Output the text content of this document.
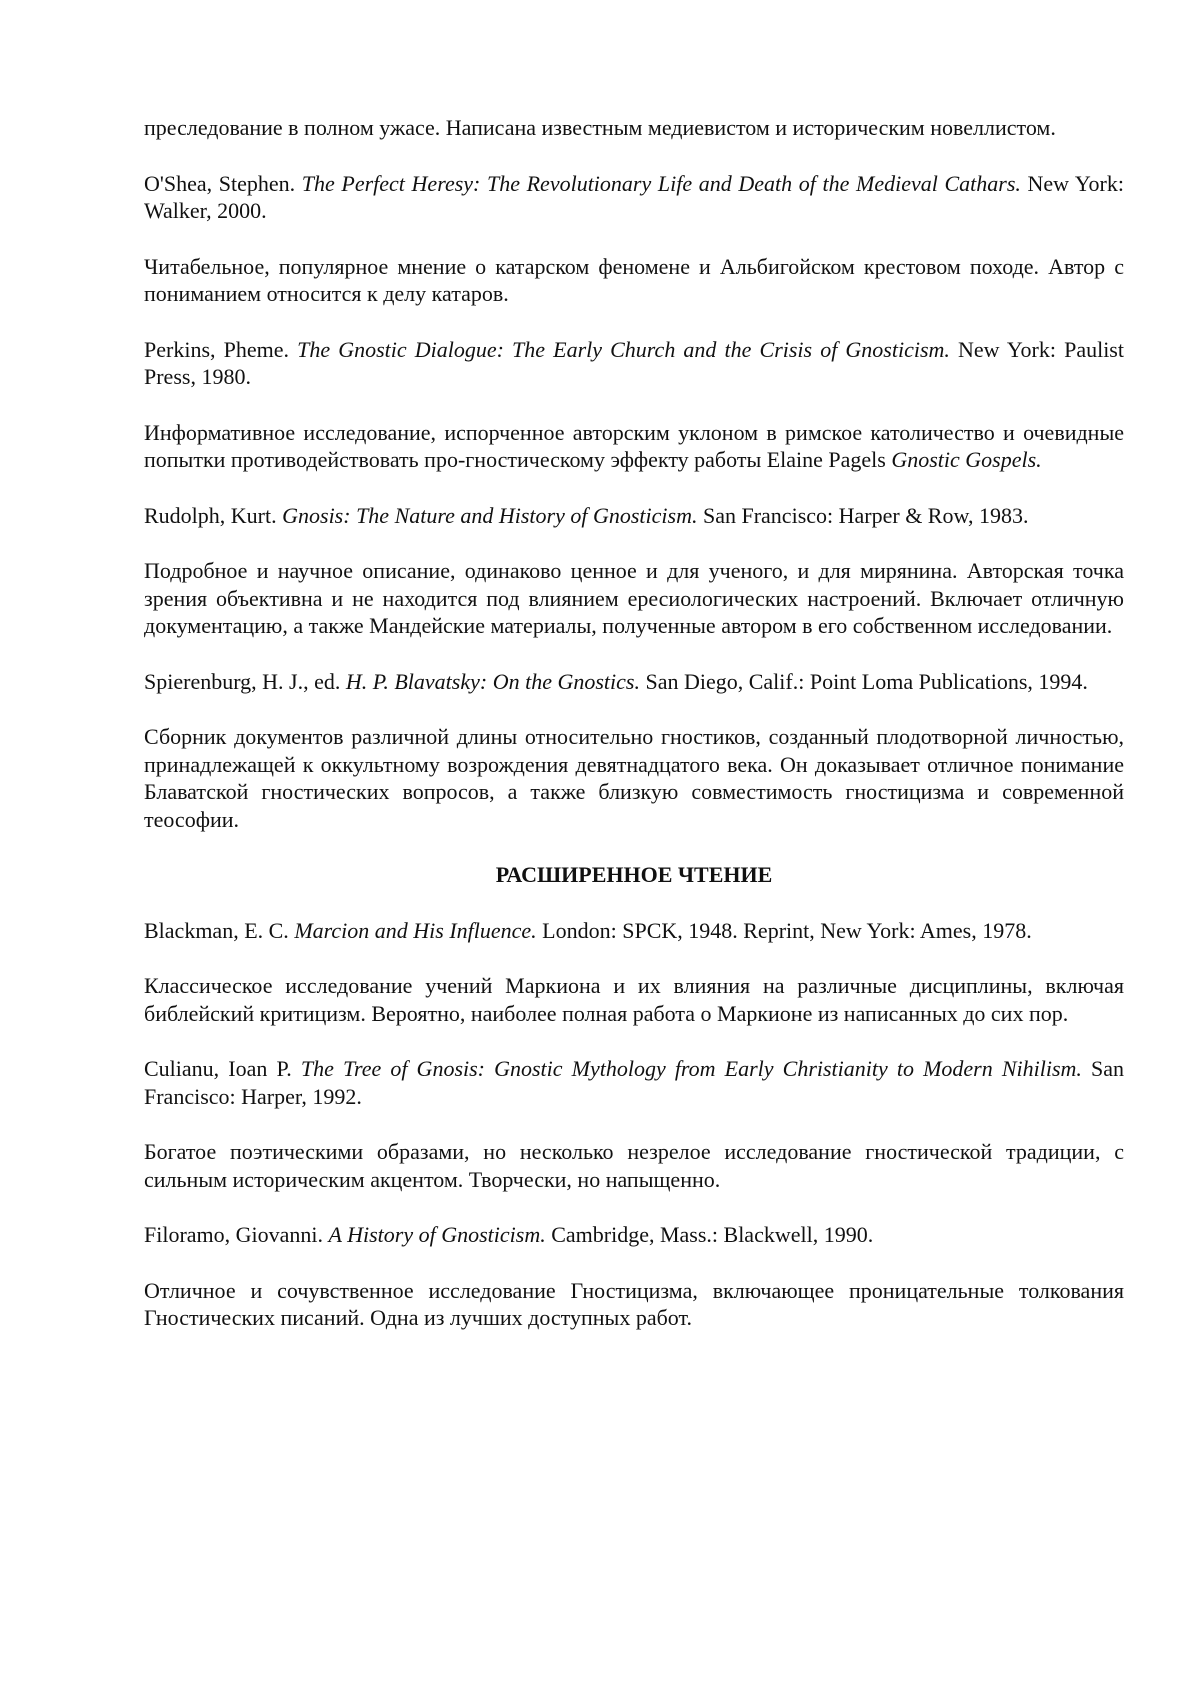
преследование в полном ужасе. Написана известным медиевистом и историческим новеллистом.

O'Shea, Stephen. The Perfect Heresy: The Revolutionary Life and Death of the Medieval Cathars. New York: Walker, 2000.

Читабельное, популярное мнение о катарском феномене и Альбигойском крестовом походе. Автор с пониманием относится к делу катаров.

Perkins, Pheme. The Gnostic Dialogue: The Early Church and the Crisis of Gnosticism. New York: Paulist Press, 1980.

Информативное исследование, испорченное авторским уклоном в римское католичество и очевидные попытки противодействовать про-гностическому эффекту работы Elaine Pagels Gnostic Gospels.

Rudolph, Kurt. Gnosis: The Nature and History of Gnosticism. San Francisco: Harper & Row, 1983.

Подробное и научное описание, одинаково ценное и для ученого, и для мирянина. Авторская точка зрения объективна и не находится под влиянием ересиологических настроений. Включает отличную документацию, а также Мандейские материалы, полученные автором в его собственном исследовании.

Spierenburg, H. J., ed. H. P. Blavatsky: On the Gnostics. San Diego, Calif.: Point Loma Publications, 1994.

Сборник документов различной длины относительно гностиков, созданный плодотворной личностью, принадлежащей к оккультному возрождения девятнадцатого века. Он доказывает отличное понимание Блаватской гностических вопросов, а также близкую совместимость гностицизма и современной теософии.

РАСШИРЕННОЕ ЧТЕНИЕ

Blackman, E. C. Marcion and His Influence. London: SPCK, 1948. Reprint, New York: Ames, 1978.

Классическое исследование учений Маркиона и их влияния на различные дисциплины, включая библейский критицизм. Вероятно, наиболее полная работа о Маркионе из написанных до сих пор.

Culianu, Ioan P. The Tree of Gnosis: Gnostic Mythology from Early Christianity to Modern Nihilism. San Francisco: Harper, 1992.

Богатое поэтическими образами, но несколько незрелое исследование гностической традиции, с сильным историческим акцентом. Творчески, но напыщенно.

Filoramo, Giovanni. A History of Gnosticism. Cambridge, Mass.: Blackwell, 1990.

Отличное и сочувственное исследование Гностицизма, включающее проницательные толкования Гностических писаний. Одна из лучших доступных работ.
